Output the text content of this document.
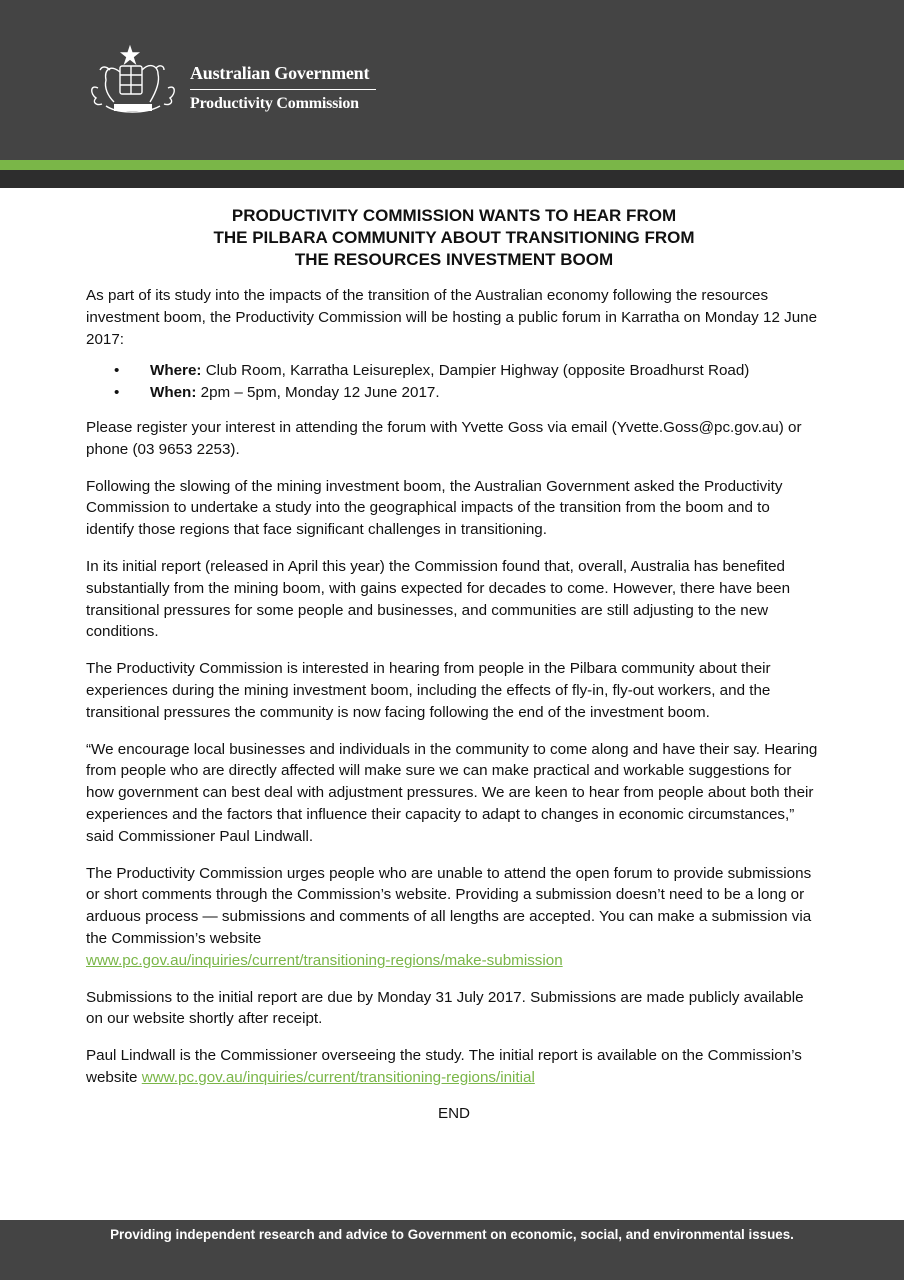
Australian Government
Productivity Commission
PRODUCTIVITY COMMISSION WANTS TO HEAR FROM
THE PILBARA COMMUNITY ABOUT TRANSITIONING FROM
THE RESOURCES INVESTMENT BOOM

As part of its study into the impacts of the transition of the Australian economy following the resources investment boom, the Productivity Commission will be hosting a public forum in Karratha on Monday 12 June 2017:

• Where: Club Room, Karratha Leisureplex, Dampier Highway (opposite Broadhurst Road)
• When: 2pm – 5pm, Monday 12 June 2017.

Please register your interest in attending the forum with Yvette Goss via email (Yvette.Goss@pc.gov.au) or phone (03 9653 2253).

Following the slowing of the mining investment boom, the Australian Government asked the Productivity Commission to undertake a study into the geographical impacts of the transition from the boom and to identify those regions that face significant challenges in transitioning.

In its initial report (released in April this year) the Commission found that, overall, Australia has benefited substantially from the mining boom, with gains expected for decades to come. However, there have been transitional pressures for some people and businesses, and communities are still adjusting to the new conditions.

The Productivity Commission is interested in hearing from people in the Pilbara community about their experiences during the mining investment boom, including the effects of fly-in, fly-out workers, and the transitional pressures the community is now facing following the end of the investment boom.

“We encourage local businesses and individuals in the community to come along and have their say. Hearing from people who are directly affected will make sure we can make practical and workable suggestions for how government can best deal with adjustment pressures. We are keen to hear from people about both their experiences and the factors that influence their capacity to adapt to changes in economic circumstances,” said Commissioner Paul Lindwall.

The Productivity Commission urges people who are unable to attend the open forum to provide submissions or short comments through the Commission’s website. Providing a submission doesn’t need to be a long or arduous process — submissions and comments of all lengths are accepted. You can make a submission via the Commission’s website
www.pc.gov.au/inquiries/current/transitioning-regions/make-submission

Submissions to the initial report are due by Monday 31 July 2017. Submissions are made publicly available on our website shortly after receipt.

Paul Lindwall is the Commissioner overseeing the study. The initial report is available on the Commission’s website www.pc.gov.au/inquiries/current/transitioning-regions/initial

END
Providing independent research and advice to Government on economic, social, and environmental issues.
